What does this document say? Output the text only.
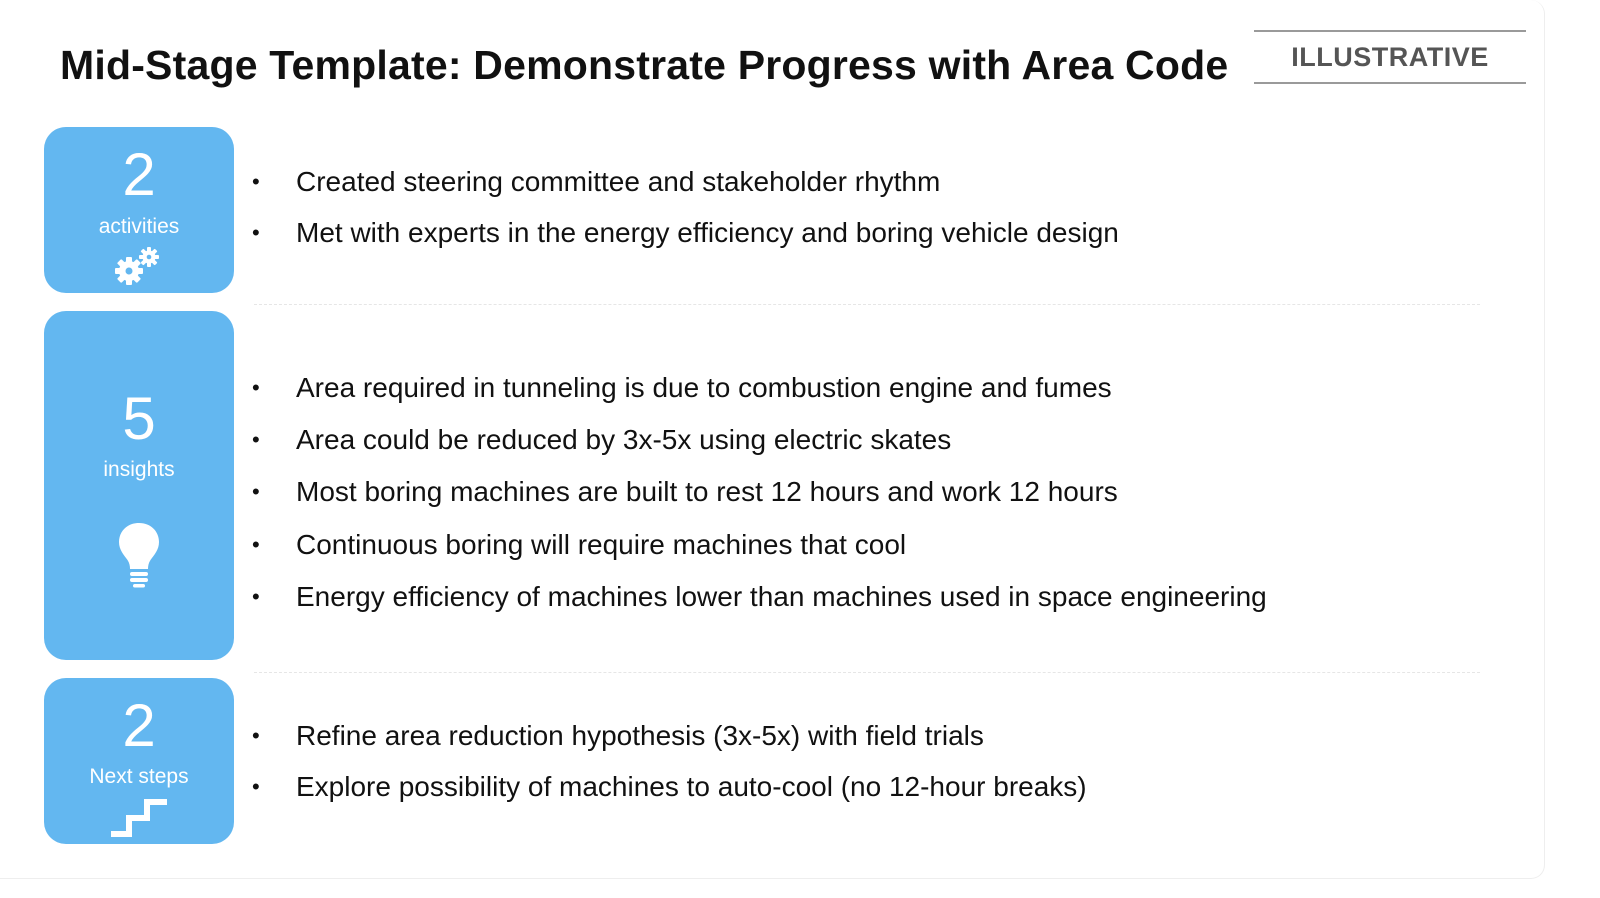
Mid-Stage Template: Demonstrate Progress with Area Code	ILLUSTRATIVE
2
activities
• Created steering committee and stakeholder rhythm
• Met with experts in the energy efficiency and boring vehicle design
5
insights
• Area required in tunneling is due to combustion engine and fumes
• Area could be reduced by 3x-5x using electric skates
• Most boring machines are built to rest 12 hours and work 12 hours
• Continuous boring will require machines that cool
• Energy efficiency of machines lower than machines used in space engineering
2
Next steps
• Refine area reduction hypothesis (3x-5x) with field trials
• Explore possibility of machines to auto-cool (no 12-hour breaks)
